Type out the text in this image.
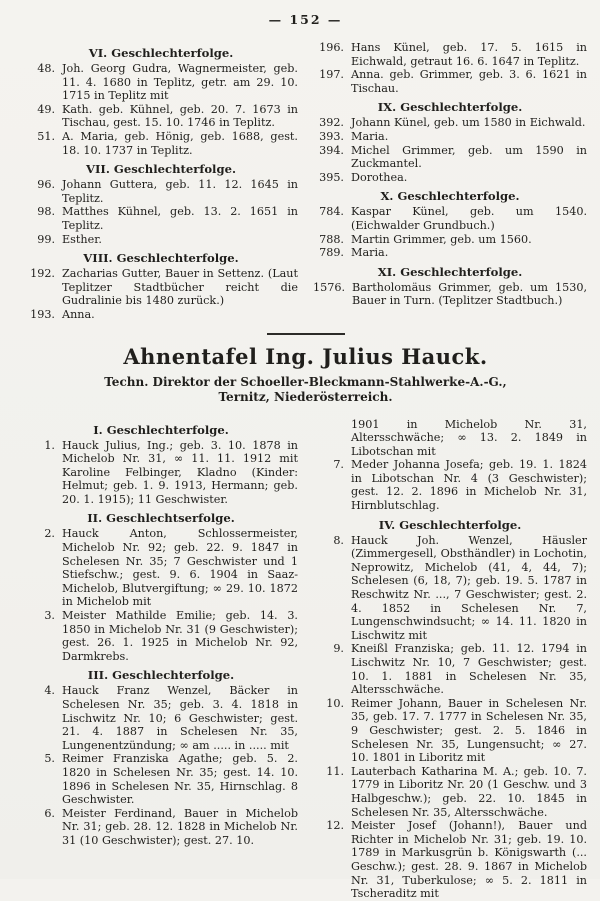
— 152 —
VI. Geschlechterfolge.
48. Joh. Georg Gudra, Wagnermeister, geb. 11. 4. 1680 in Teplitz, getr. am 29. 10. 1715 in Teplitz mit
49. Kath. geb. Kühnel, geb. 20. 7. 1673 in Tischau, gest. 15. 10. 1746 in Teplitz.
51. A. Maria, geb. Hönig, geb. 1688, gest. 18. 10. 1737 in Teplitz.
VII. Geschlechterfolge.
96. Johann Guttera, geb. 11. 12. 1645 in Teplitz.
98. Matthes Kühnel, geb. 13. 2. 1651 in Teplitz.
99. Esther.
VIII. Geschlechterfolge.
192. Zacharias Gutter, Bauer in Settenz. (Laut Teplitzer Stadtbücher reicht die Gudralinie bis 1480 zurück.)
193. Anna.
196. Hans Künel, geb. 17. 5. 1615 in Eichwald, getraut 16. 6. 1647 in Teplitz.
197. Anna. geb. Grimmer, geb. 3. 6. 1621 in Tischau.
IX. Geschlechterfolge.
392. Johann Künel, geb. um 1580 in Eichwald.
393. Maria.
394. Michel Grimmer, geb. um 1590 in Zuckmantel.
395. Dorothea.
X. Geschlechterfolge.
784. Kaspar Künel, geb. um 1540. (Eichwalder Grundbuch.)
788. Martin Grimmer, geb. um 1560.
789. Maria.
XI. Geschlechterfolge.
1576. Bartholomäus Grimmer, geb. um 1530, Bauer in Turn. (Teplitzer Stadtbuch.)
Ahnentafel Ing. Julius Hauck.
Techn. Direktor der Schoeller-Bleckmann-Stahlwerke-A.-G.,
Ternitz, Niederösterreich.
I. Geschlechterfolge.
1. Hauck Julius, Ing.; geb. 3. 10. 1878 in Michelob Nr. 31, ∞ 11. 11. 1912 mit Karoline Felbinger, Kladno (Kinder: Helmut; geb. 1. 9. 1913, Hermann; geb. 20. 1. 1915); 11 Geschwister.
II. Geschlechtserfolge.
2. Hauck Anton, Schlossermeister, Michelob Nr. 92; geb. 22. 9. 1847 in Schelesen Nr. 35; 7 Geschwister und 1 Stiefschw.; gest. 9. 6. 1904 in Saaz-Michelob, Blutvergiftung; ∞ 29. 10. 1872 in Michelob mit
3. Meister Mathilde Emilie; geb. 14. 3. 1850 in Michelob Nr. 31 (9 Geschwister); gest. 26. 1. 1925 in Michelob Nr. 92, Darmkrebs.
III. Geschlechterfolge.
4. Hauck Franz Wenzel, Bäcker in Schelesen Nr. 35; geb. 3. 4. 1818 in Lischwitz Nr. 10; 6 Geschwister; gest. 21. 4. 1887 in Schelesen Nr. 35, Lungenentzündung; ∞ am ..... in ..... mit
5. Reimer Franziska Agathe; geb. 5. 2. 1820 in Schelesen Nr. 35; gest. 14. 10. 1896 in Schelesen Nr. 35, Hirnschlag. 8 Geschwister.
6. Meister Ferdinand, Bauer in Michelob Nr. 31; geb. 28. 12. 1828 in Michelob Nr. 31 (10 Geschwister); gest. 27. 10.
1901 in Michelob Nr. 31, Altersschwäche; ∞ 13. 2. 1849 in Libotschan mit
7. Meder Johanna Josefa; geb. 19. 1. 1824 in Libotschan Nr. 4 (3 Geschwister); gest. 12. 2. 1896 in Michelob Nr. 31, Hirnblutschlag.
IV. Geschlechterfolge.
8. Hauck Joh. Wenzel, Häusler (Zimmergesell, Obsthändler) in Lochotin, Neprowitz, Michelob (41, 4, 44, 7); Schelesen (6, 18, 7); geb. 19. 5. 1787 in Reschwitz Nr. ..., 7 Geschwister; gest. 2. 4. 1852 in Schelesen Nr. 7, Lungenschwindsucht; ∞ 14. 11. 1820 in Lischwitz mit
9. Kneißl Franziska; geb. 11. 12. 1794 in Lischwitz Nr. 10, 7 Geschwister; gest. 10. 1. 1881 in Schelesen Nr. 35, Altersschwäche.
10. Reimer Johann, Bauer in Schelesen Nr. 35, geb. 17. 7. 1777 in Schelesen Nr. 35, 9 Geschwister; gest. 2. 5. 1846 in Schelesen Nr. 35, Lungensucht; ∞ 27. 10. 1801 in Liboritz mit
11. Lauterbach Katharina M. A.; geb. 10. 7. 1779 in Liboritz Nr. 20 (1 Geschw. und 3 Halbgeschw.); geb. 22. 10. 1845 in Schelesen Nr. 35, Altersschwäche.
12. Meister Josef (Johann!), Bauer und Richter in Michelob Nr. 31; geb. 19. 10. 1789 in Markusgrün b. Königswarth (... Geschw.); gest. 28. 9. 1867 in Michelob Nr. 31, Tuberkulose; ∞ 5. 2. 1811 in Tscheraditz mit
